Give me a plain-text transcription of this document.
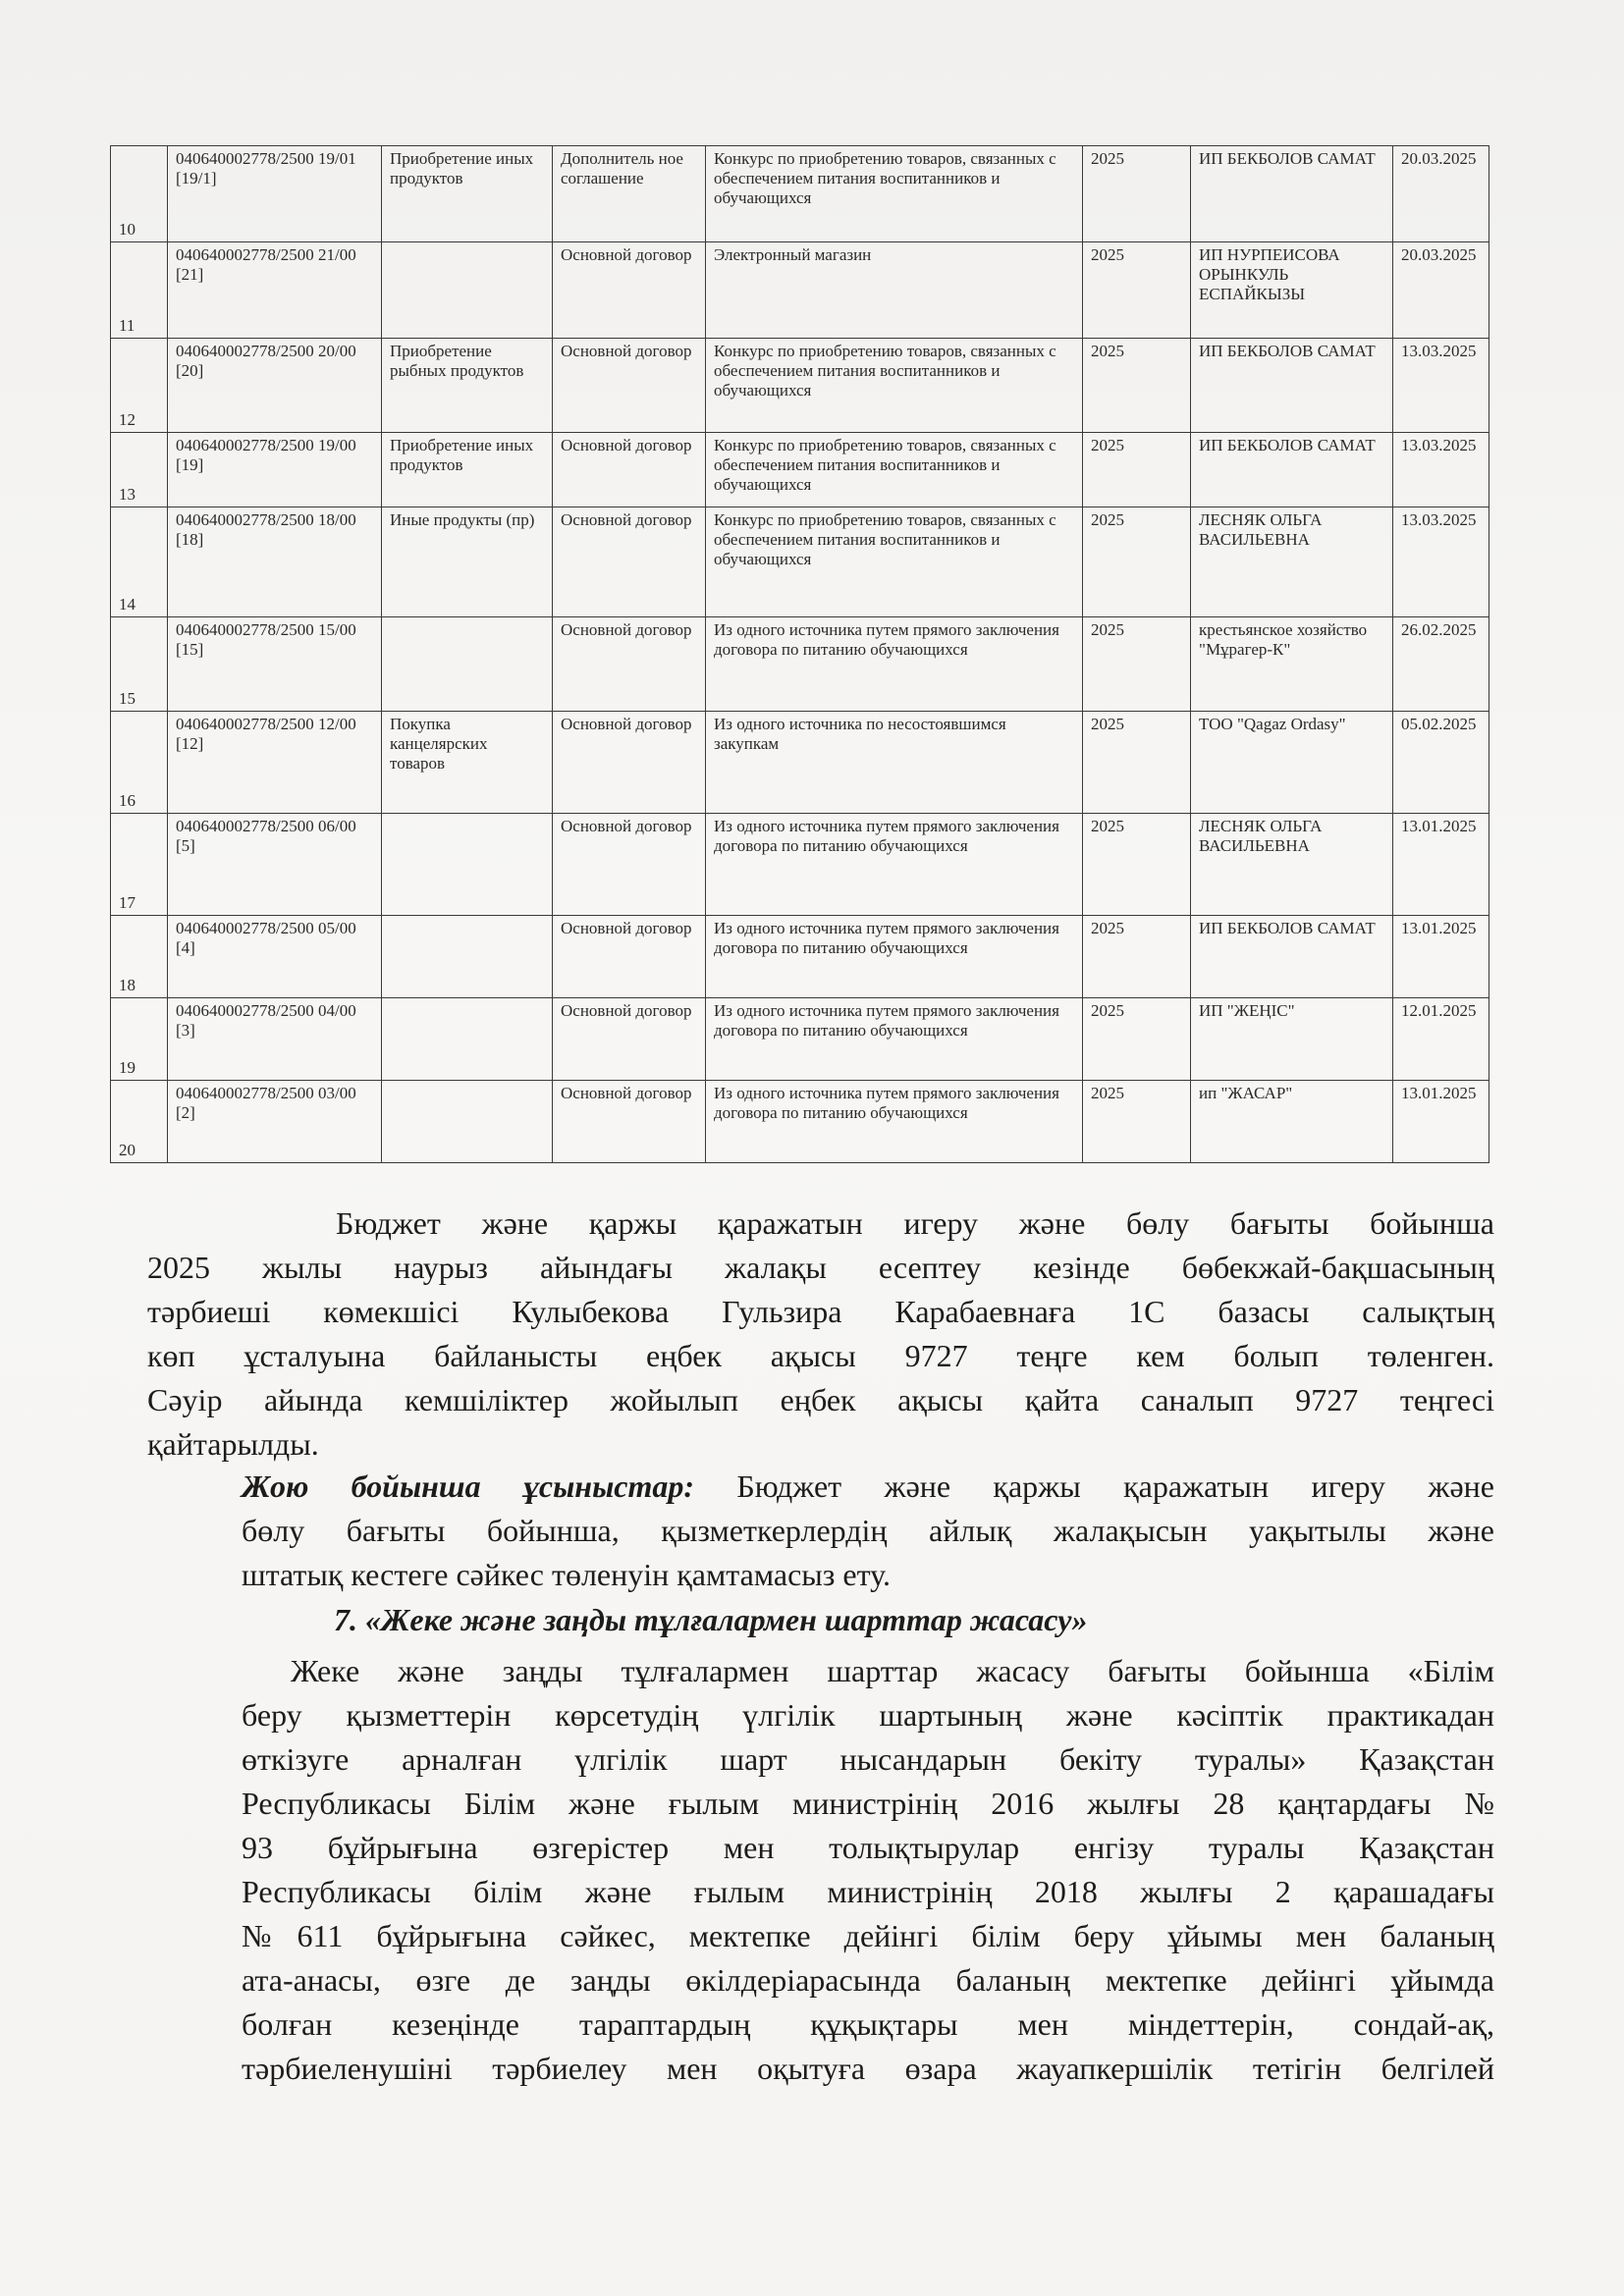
10	040640002778/2500 19/01 [19/1]	Приобретение иных продуктов	Дополнитель ное соглашение	Конкурс по приобретению товаров, связанных с обеспечением питания воспитанников и обучающихся	2025	ИП БЕКБОЛОВ САМАТ	20.03.2025
11	040640002778/2500 21/00 [21]		Основной договор	Электронный магазин	2025	ИП НУРПЕИСОВА ОРЫНКУЛЬ ЕСПАЙКЫЗЫ	20.03.2025
12	040640002778/2500 20/00 [20]	Приобретение рыбных продуктов	Основной договор	Конкурс по приобретению товаров, связанных с обеспечением питания воспитанников и обучающихся	2025	ИП БЕКБОЛОВ САМАТ	13.03.2025
13	040640002778/2500 19/00 [19]	Приобретение иных продуктов	Основной договор	Конкурс по приобретению товаров, связанных с обеспечением питания воспитанников и обучающихся	2025	ИП БЕКБОЛОВ САМАТ	13.03.2025
14	040640002778/2500 18/00 [18]	Иные продукты (пр)	Основной договор	Конкурс по приобретению товаров, связанных с обеспечением питания воспитанников и обучающихся	2025	ЛЕСНЯК ОЛЬГА ВАСИЛЬЕВНА	13.03.2025
15	040640002778/2500 15/00 [15]		Основной договор	Из одного источника путем прямого заключения договора по питанию обучающихся	2025	крестьянское хозяйство "Мұрагер-К"	26.02.2025
16	040640002778/2500 12/00 [12]	Покупка канцелярских товаров	Основной договор	Из одного источника по несостоявшимся закупкам	2025	ТОО "Qagaz Ordasy"	05.02.2025
17	040640002778/2500 06/00 [5]		Основной договор	Из одного источника путем прямого заключения договора по питанию обучающихся	2025	ЛЕСНЯК ОЛЬГА ВАСИЛЬЕВНА	13.01.2025
18	040640002778/2500 05/00 [4]		Основной договор	Из одного источника путем прямого заключения договора по питанию обучающихся	2025	ИП БЕКБОЛОВ САМАТ	13.01.2025
19	040640002778/2500 04/00 [3]		Основной договор	Из одного источника путем прямого заключения договора по питанию обучающихся	2025	ИП "ЖЕҢІС"	12.01.2025
20	040640002778/2500 03/00 [2]		Основной договор	Из одного источника путем прямого заключения договора по питанию обучающихся	2025	ип "ЖАСАР"	13.01.2025
Бюджет және қаржы қаражатын игеру және бөлу бағыты бойынша
2025 жылы наурыз айындағы жалақы есептеу кезінде бөбекжай-бақшасының
тәрбиеші көмекшісі Кулыбекова Гульзира Карабаевнаға 1С базасы салықтың
көп ұсталуына байланысты еңбек ақысы 9727 теңге кем болып төленген.
Сәуір айында кемшіліктер жойылып еңбек ақысы қайта саналып 9727 теңгесі
қайтарылды.
Жою бойынша ұсыныстар: Бюджет және қаржы қаражатын игеру және
бөлу бағыты бойынша, қызметкерлердің айлық жалақысын уақытылы және
штатық кестеге сәйкес төленуін қамтамасыз ету.
7. «Жеке және заңды тұлғалармен шарттар жасасу»
Жеке және заңды тұлғалармен шарттар жасасу бағыты бойынша «Білім
беру қызметтерін көрсетудің үлгілік шартының және кәсіптік практикадан
өткізуге арналған үлгілік шарт нысандарын бекіту туралы» Қазақстан
Республикасы Білім және ғылым министрінің 2016 жылғы 28 қаңтардағы №
93 бұйрығына өзгерістер мен толықтырулар енгізу туралы Қазақстан
Республикасы білім және ғылым министрінің 2018 жылғы 2 қарашадағы
№611 бұйрығына сәйкес, мектепке дейінгі білім беру ұйымы мен баланың
ата-анасы, өзге де заңды өкілдеріарасында баланың мектепке дейінгі ұйымда
болған кезеңінде тараптардың құқықтары мен міндеттерін, сондай-ақ,
тәрбиеленушіні тәрбиелеу мен оқытуға өзара жауапкершілік тетігін белгілей
